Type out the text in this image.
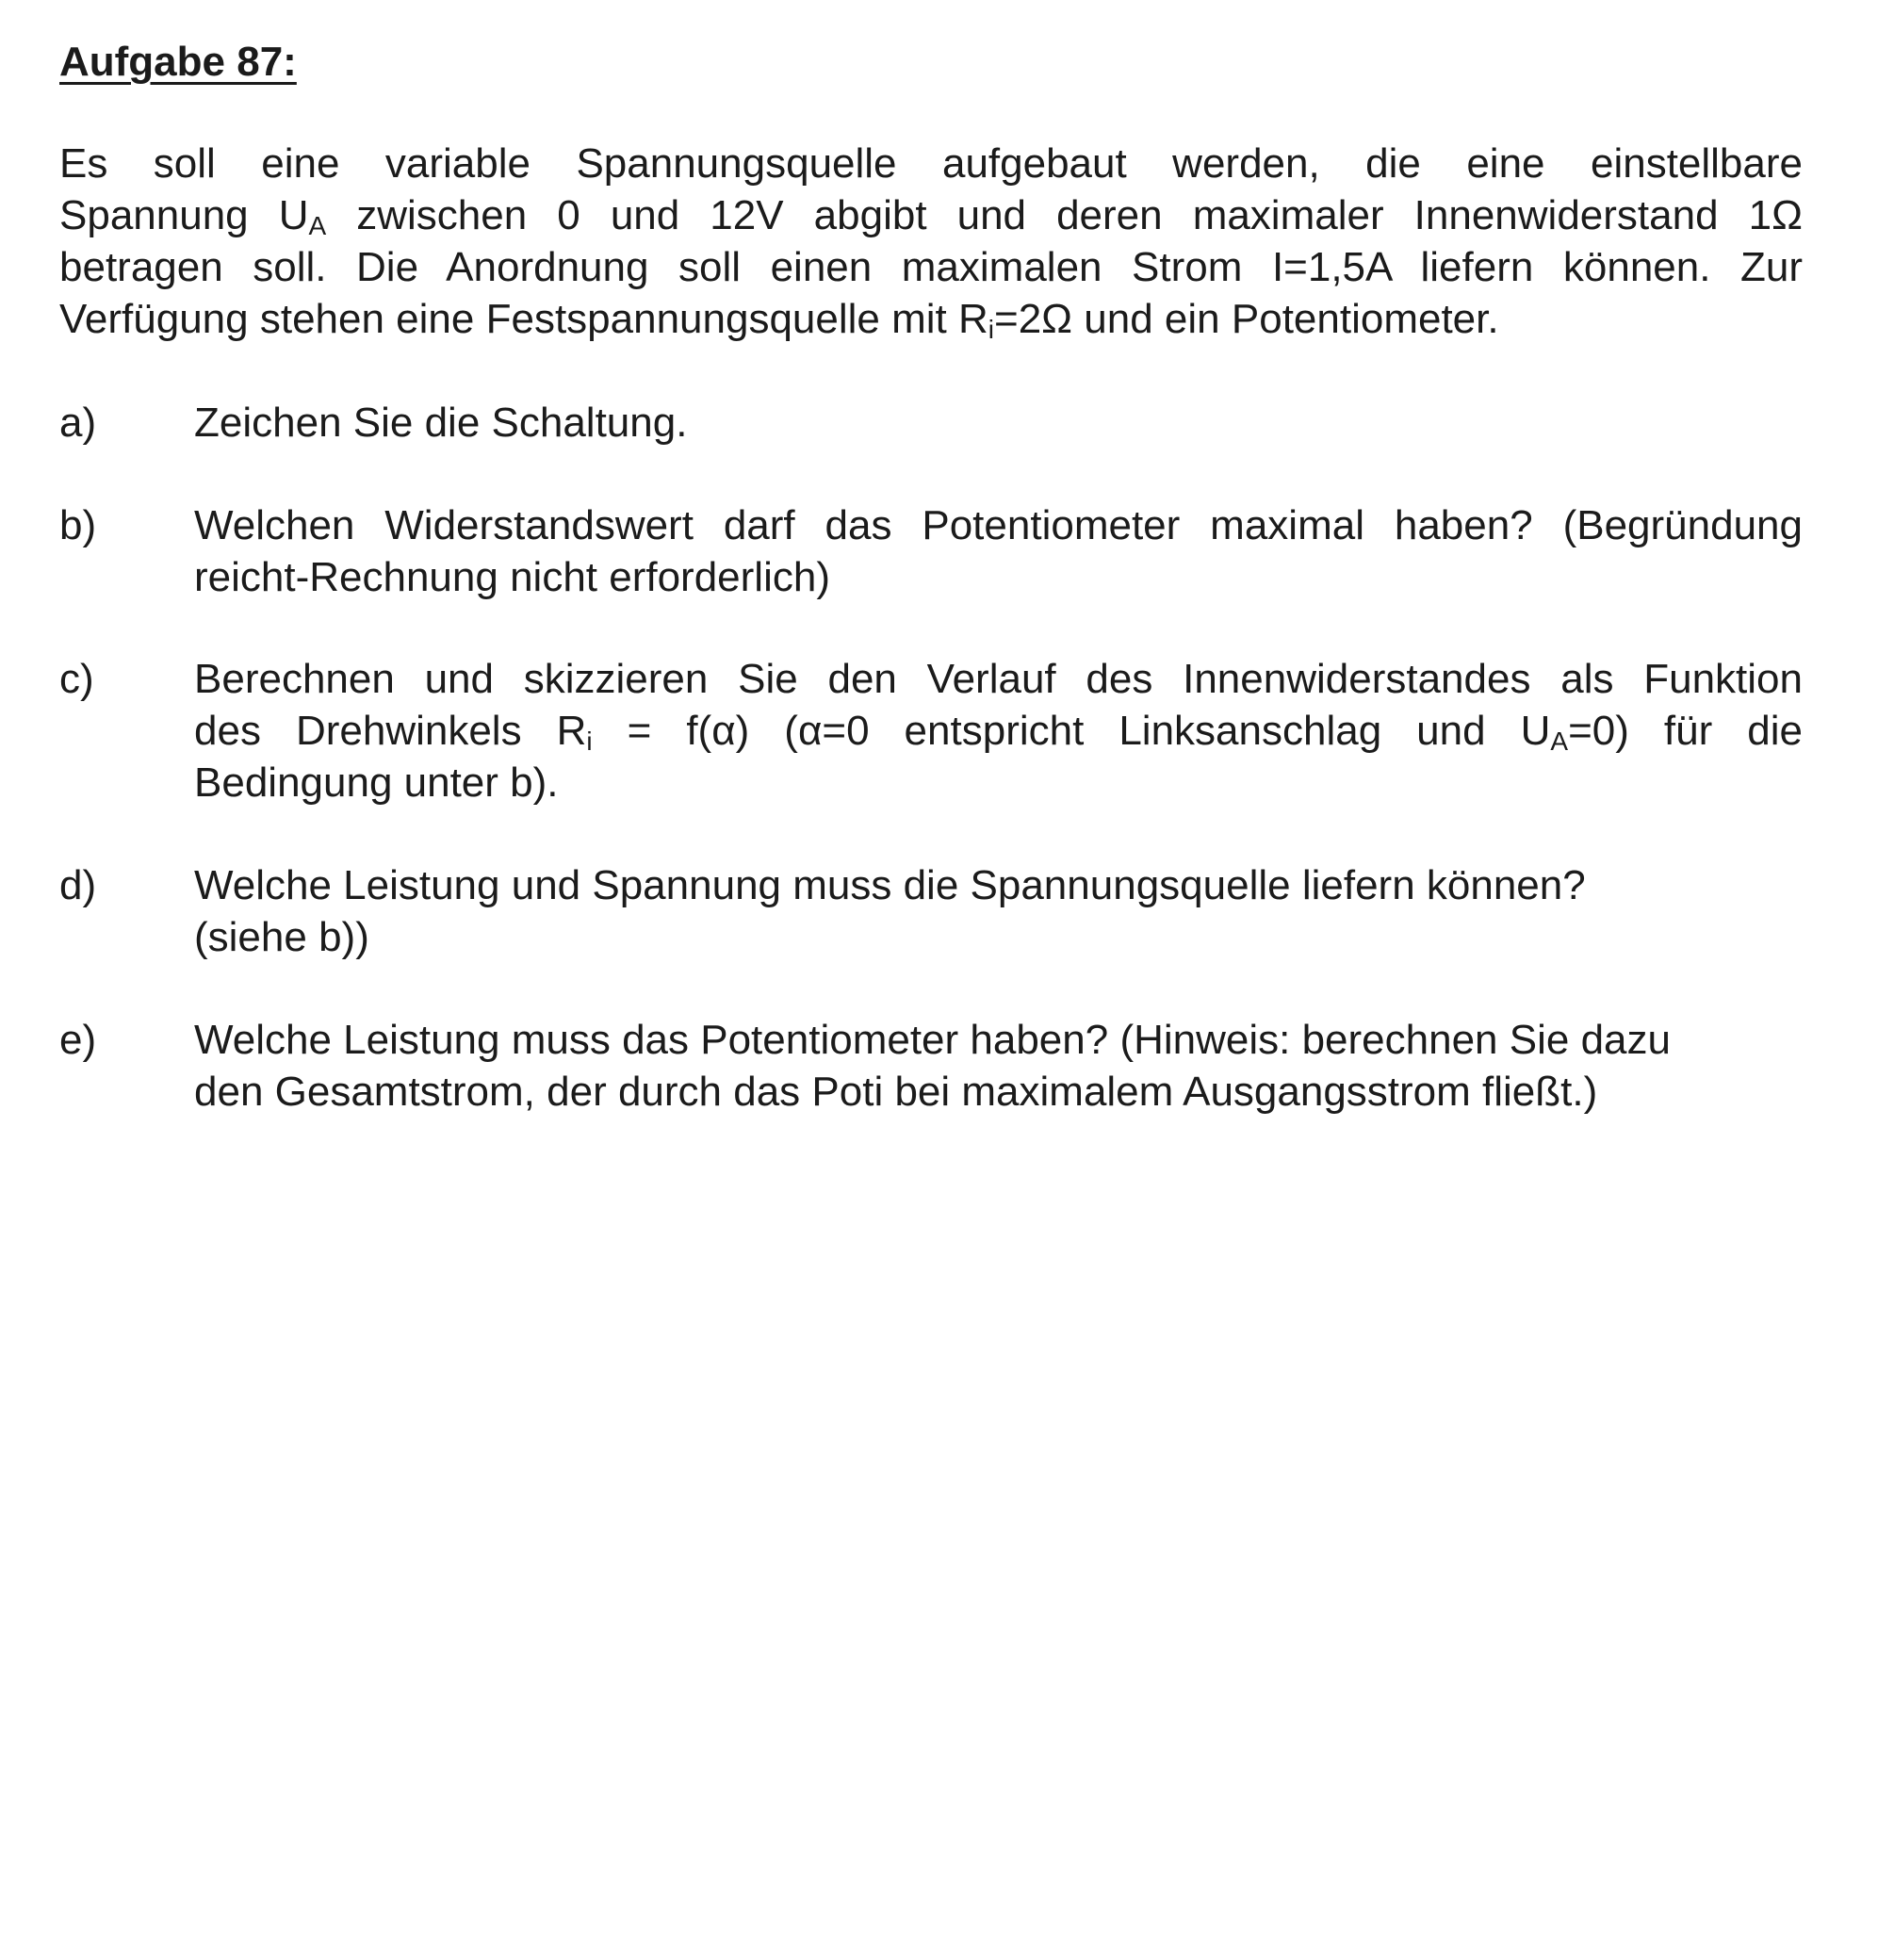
Aufgabe 87:
Es soll eine variable Spannungsquelle aufgebaut werden, die eine einstellbare
Spannung $U_A$ zwischen 0 und 12V abgibt und deren maximaler Innenwiderstand 1Ω
betragen soll. Die Anordnung soll einen maximalen Strom I=1,5A liefern können. Zur
Verfügung stehen eine Festspannungsquelle mit $R_i=2\Omega$ und ein Potentiometer.
a)	Zeichen Sie die Schaltung.
b)	Welchen Widerstandswert darf das Potentiometer maximal haben? (Begründung
reicht-Rechnung nicht erforderlich)
c)	Berechnen und skizzieren Sie den Verlauf des Innenwiderstandes als Funktion
des Drehwinkels $R_i = f(\alpha)$ (α=0 entspricht Linksanschlag und $U_A=0$) für die
Bedingung unter b).
d)	Welche Leistung und Spannung muss die Spannungsquelle liefern können?
(siehe b))
e)	Welche Leistung muss das Potentiometer haben? (Hinweis: berechnen Sie dazu
den Gesamtstrom, der durch das Poti bei maximalem Ausgangsstrom fließt.)
